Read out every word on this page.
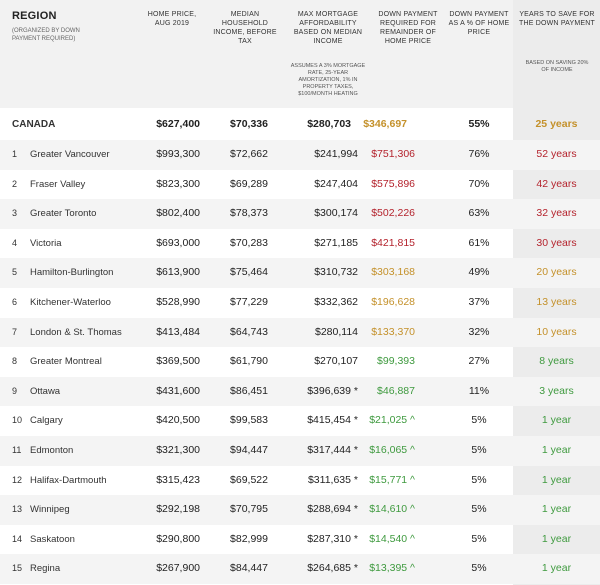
REGION
(ORGANIZED BY DOWN PAYMENT REQUIRED)
HOME PRICE, AUG 2019
MEDIAN HOUSEHOLD INCOME, BEFORE TAX
MAX MORTGAGE AFFORDABILITY BASED ON MEDIAN INCOME
ASSUMES A 3% MORTGAGE RATE, 25-YEAR AMORTIZATION, 1% IN PROPERTY TAXES, $100/MONTH HEATING
DOWN PAYMENT REQUIRED FOR REMAINDER OF HOME PRICE
DOWN PAYMENT AS A % OF HOME PRICE
YEARS TO SAVE FOR THE DOWN PAYMENT
BASED ON SAVING 20% OF INCOME
CANADA	$627,400	$70,336	$280,703 $346,697	55%	25 years
1 Greater Vancouver	$993,300	$72,662	$241,994 $751,306	76%	52 years
2 Fraser Valley	$823,300	$69,289	$247,404 $575,896	70%	42 years
3 Greater Toronto	$802,400	$78,373	$300,174 $502,226	63%	32 years
4 Victoria	$693,000	$70,283	$271,185 $421,815	61%	30 years
5 Hamilton-Burlington	$613,900	$75,464	$310,732 $303,168	49%	20 years
6 Kitchener-Waterloo	$528,990	$77,229	$332,362 $196,628	37%	13 years
7 London & St. Thomas	$413,484	$64,743	$280,114 $133,370	32%	10 years
8 Greater Montreal	$369,500	$61,790	$270,107 $99,393	27%	8 years
9 Ottawa	$431,600	$86,451	$396,639 * $46,887	11%	3 years
10 Calgary	$420,500	$99,583	$415,454 * $21,025 ^	5%	1 year
11 Edmonton	$321,300	$94,447	$317,444 * $16,065 ^	5%	1 year
12 Halifax-Dartmouth	$315,423	$69,522	$311,635 * $15,771 ^	5%	1 year
13 Winnipeg	$292,198	$70,795	$288,694 * $14,610 ^	5%	1 year
14 Saskatoon	$290,800	$82,999	$287,310 * $14,540 ^	5%	1 year
15 Regina	$267,900	$84,447	$264,685 * $13,395 ^	5%	1 year
